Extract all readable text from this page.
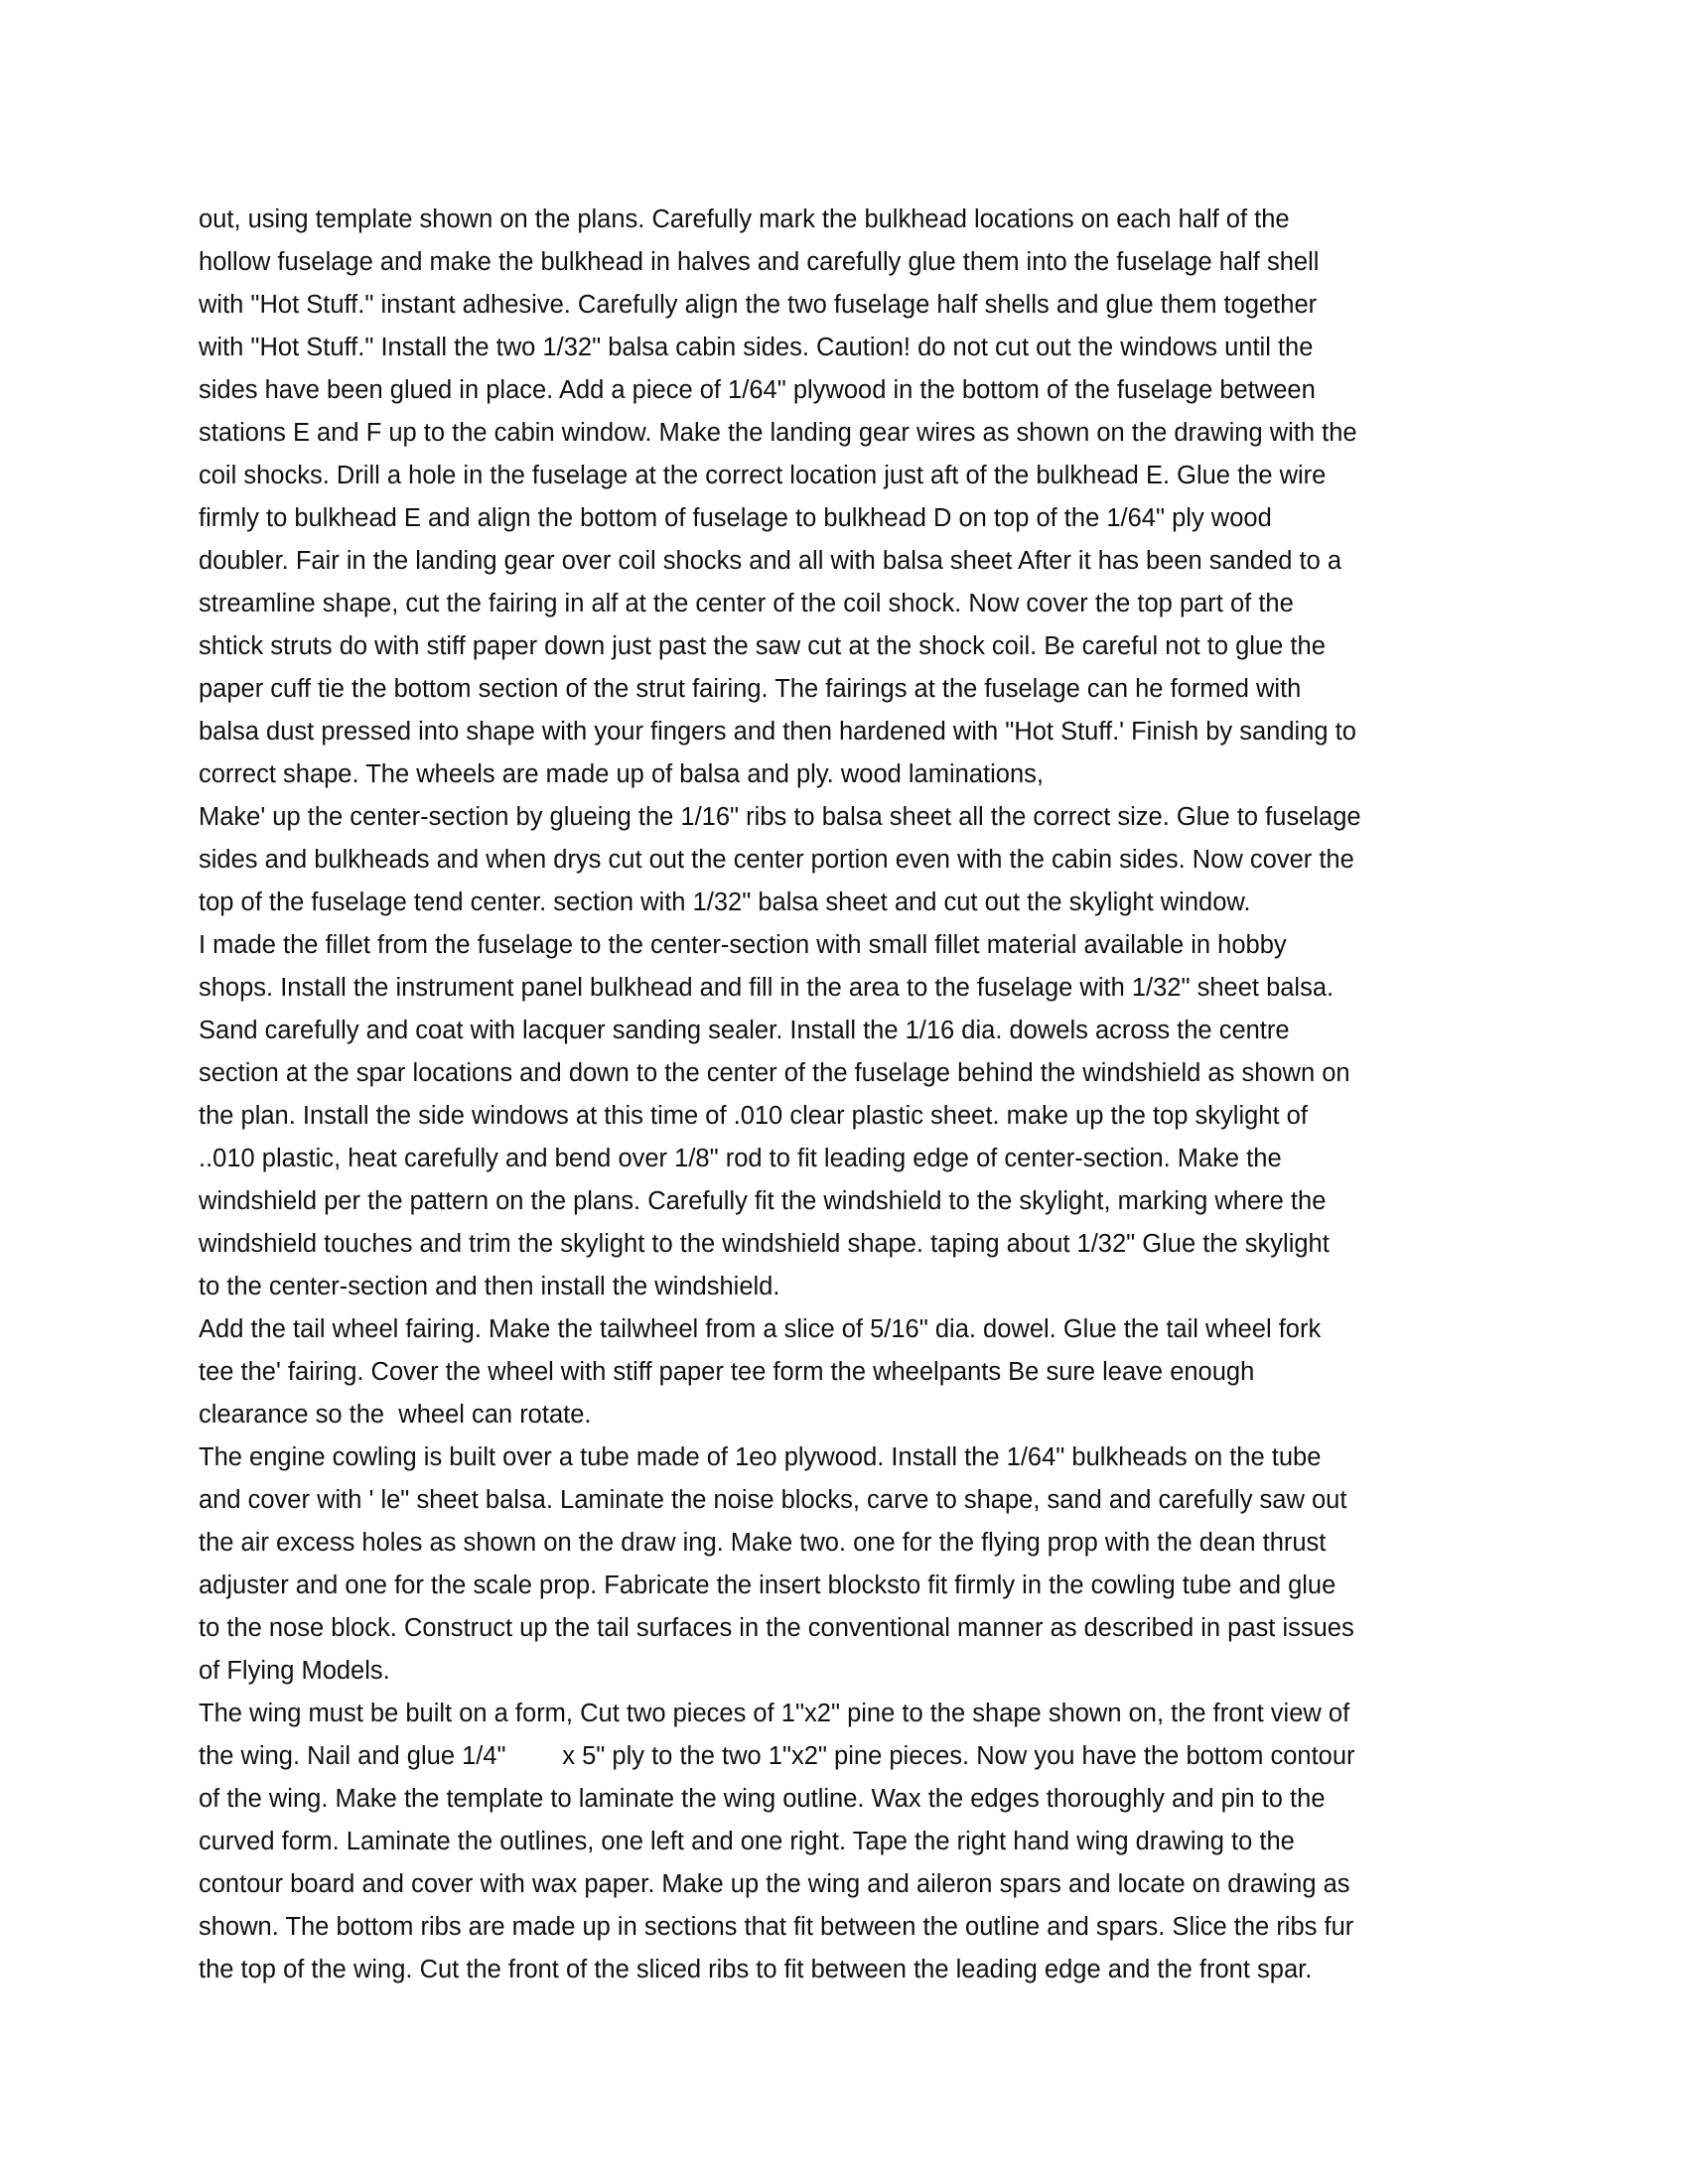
out, using template shown on the plans. Carefully mark the bulkhead locations on each half of the
hollow fuselage and make the bulkhead in halves and carefully glue them into the fuselage half shell
with "Hot Stuff." instant adhesive. Carefully align the two fuselage half shells and glue them together
with "Hot Stuff." Install the two 1/32" balsa cabin sides. Caution! do not cut out the windows until the
sides have been glued in place. Add a piece of 1/64" plywood in the bottom of the fuselage between
stations E and F up to the cabin window. Make the landing gear wires as shown on the drawing with the
coil shocks. Drill a hole in the fuselage at the correct location just aft of the bulkhead E. Glue the wire
firmly to bulkhead E and align the bottom of fuselage to bulkhead D on top of the 1/64" ply wood
doubler. Fair in the landing gear over coil shocks and all with balsa sheet After it has been sanded to a
streamline shape, cut the fairing in alf at the center of the coil shock. Now cover the top part of the
shtick struts do with stiff paper down just past the saw cut at the shock coil. Be careful not to glue the
paper cuff tie the bottom section of the strut fairing. The fairings at the fuselage can he formed with
balsa dust pressed into shape with your fingers and then hardened with "Hot Stuff.' Finish by sanding to
correct shape. The wheels are made up of balsa and ply. wood laminations,
Make' up the center-section by glueing the 1/16" ribs to balsa sheet all the correct size. Glue to fuselage
sides and bulkheads and when drys cut out the center portion even with the cabin sides. Now cover the
top of the fuselage tend center. section with 1/32" balsa sheet and cut out the skylight window.
I made the fillet from the fuselage to the center-section with small fillet material available in hobby
shops. Install the instrument panel bulkhead and fill in the area to the fuselage with 1/32" sheet balsa.
Sand carefully and coat with lacquer sanding sealer. Install the 1/16 dia. dowels across the centre
section at the spar locations and down to the center of the fuselage behind the windshield as shown on
the plan. Install the side windows at this time of .010 clear plastic sheet. make up the top skylight of
..010 plastic, heat carefully and bend over 1/8" rod to fit leading edge of center-section. Make the
windshield per the pattern on the plans. Carefully fit the windshield to the skylight, marking where the
windshield touches and trim the skylight to the windshield shape. taping about 1/32" Glue the skylight
to the center-section and then install the windshield.
Add the tail wheel fairing. Make the tailwheel from a slice of 5/16" dia. dowel. Glue the tail wheel fork
tee the' fairing. Cover the wheel with stiff paper tee form the wheelpants Be sure leave enough
clearance so the  wheel can rotate.
The engine cowling is built over a tube made of 1eo plywood. Install the 1/64" bulkheads on the tube
and cover with ' le" sheet balsa. Laminate the noise blocks, carve to shape, sand and carefully saw out
the air excess holes as shown on the draw ing. Make two. one for the flying prop with the dean thrust
adjuster and one for the scale prop. Fabricate the insert blocksto fit firmly in the cowling tube and glue
to the nose block. Construct up the tail surfaces in the conventional manner as described in past issues
of Flying Models.
The wing must be built on a form, Cut two pieces of 1"x2" pine to the shape shown on, the front view of
the wing. Nail and glue 1/4"        x 5" ply to the two 1"x2" pine pieces. Now you have the bottom contour
of the wing. Make the template to laminate the wing outline. Wax the edges thoroughly and pin to the
curved form. Laminate the outlines, one left and one right. Tape the right hand wing drawing to the
contour board and cover with wax paper. Make up the wing and aileron spars and locate on drawing as
shown. The bottom ribs are made up in sections that fit between the outline and spars. Slice the ribs fur
the top of the wing. Cut the front of the sliced ribs to fit between the leading edge and the front spar.
